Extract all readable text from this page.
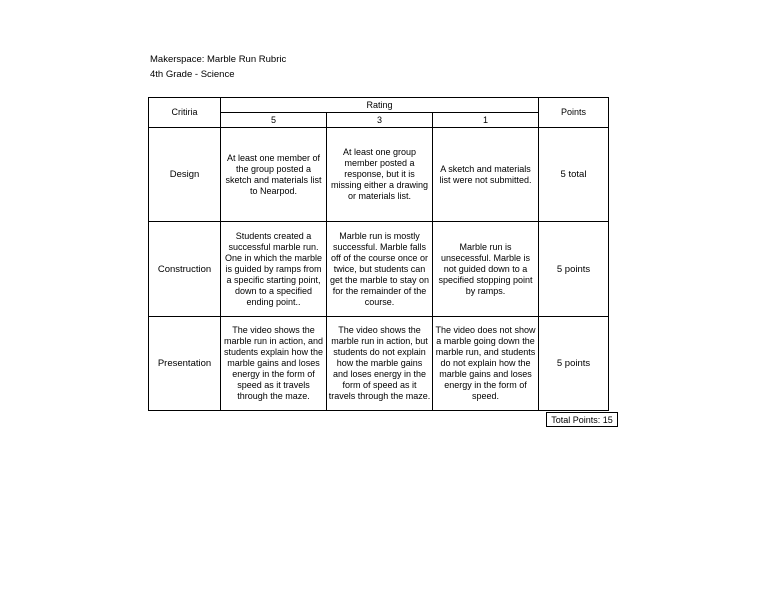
Makerspace: Marble Run Rubric
4th Grade - Science
Critiria	Rating			Points
	5	3	1	
Design	At least one member of the group posted a sketch and materials list to Nearpod.	At least one group member posted a response, but it is missing either a drawing or materials list.	A sketch and materials list were not submitted.	5 total
Construction	Students created a successful marble run. One in which the marble is guided by ramps from a specific starting point, down to a specified ending point..	Marble run is mostly successful. Marble falls off of the course once or twice, but students can get the marble to stay on for the remainder of the course.	Marble run is unsecessful. Marble is not guided down to a specified stopping point by ramps.	5 points
Presentation	The video shows the marble run in action, and students explain how the marble gains and loses energy in the form of speed as it travels through the maze.	The video shows the marble run in action, but students do not explain how the marble gains and loses energy in the form of speed as it travels through the maze.	The video does not show a marble going down the marble run, and students do not explain how the marble gains and loses energy in the form of speed.	5 points
Total Points: 15
